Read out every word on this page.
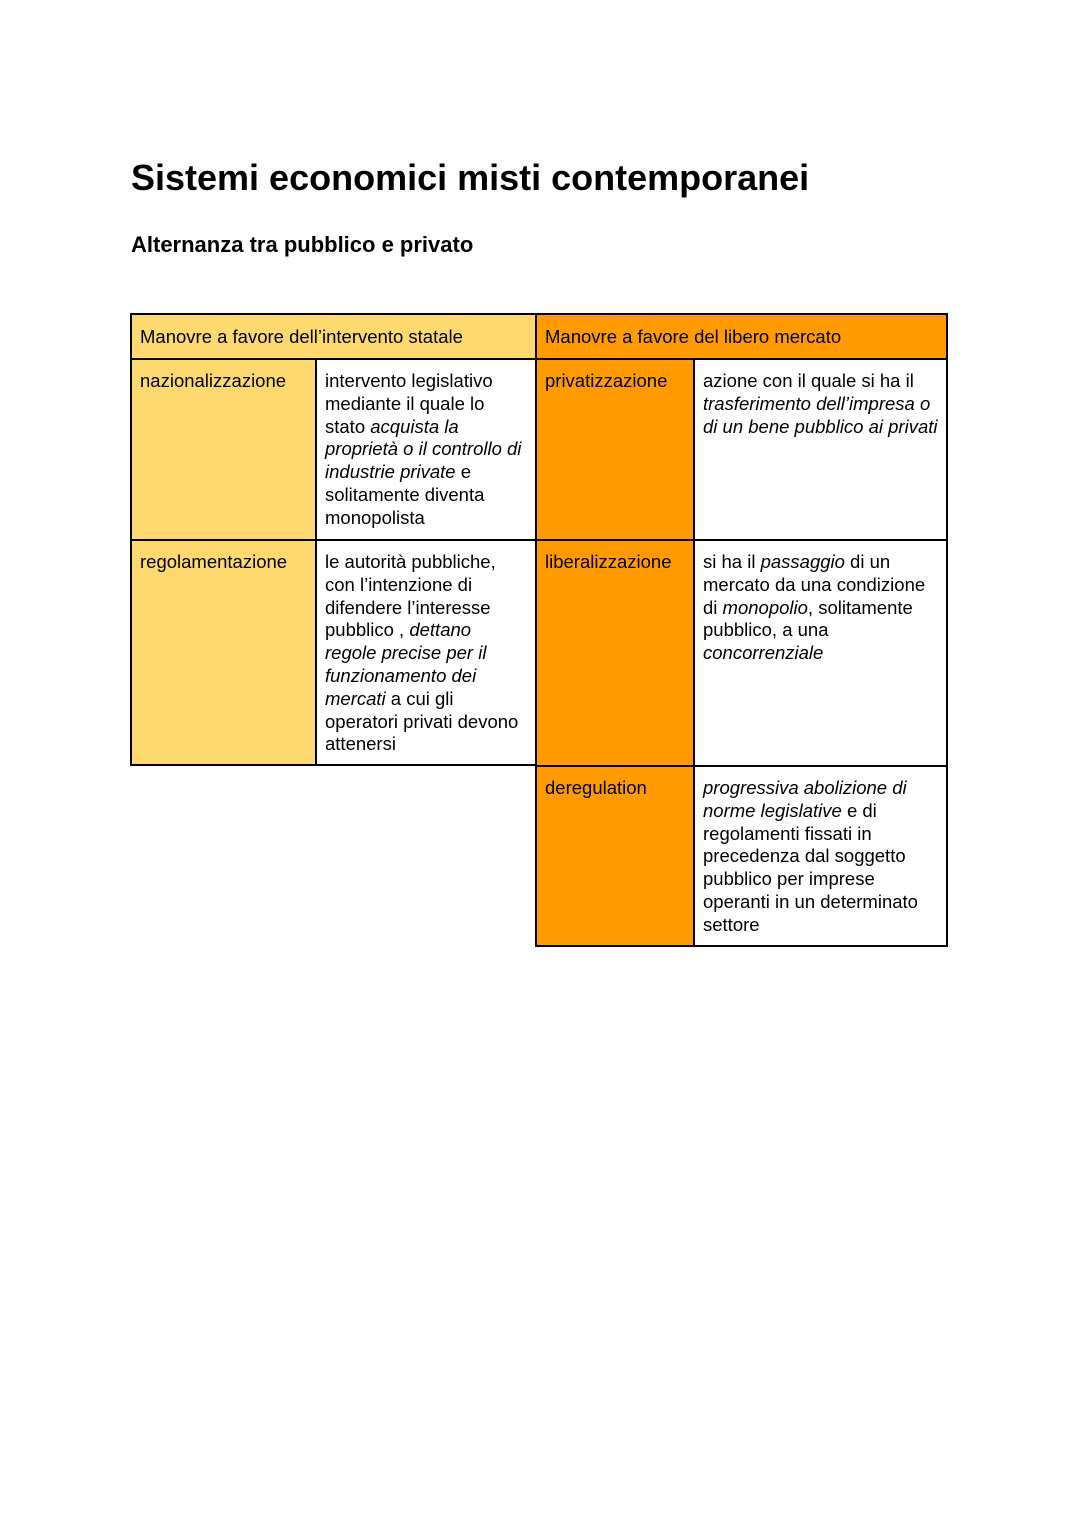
Sistemi economici misti contemporanei
Alternanza tra pubblico e privato
Manovre a favore dell’intervento statale
nazionalizzazione	intervento legislativo mediante il quale lo stato acquista la proprietà o il controllo di industrie private e solitamente diventa monopolista
regolamentazione	le autorità pubbliche, con l’intenzione di difendere l’interesse pubblico , dettano regole precise per il funzionamento dei mercati a cui gli operatori privati devono attenersi
Manovre a favore del libero mercato
privatizzazione	azione con il quale si ha il trasferimento dell’impresa o di un bene pubblico ai privati
liberalizzazione	si ha il passaggio di un mercato da una condizione di monopolio, solitamente pubblico, a una concorrenziale
deregulation	progressiva abolizione di norme legislative e di regolamenti fissati in precedenza dal soggetto pubblico per imprese operanti in un determinato settore
